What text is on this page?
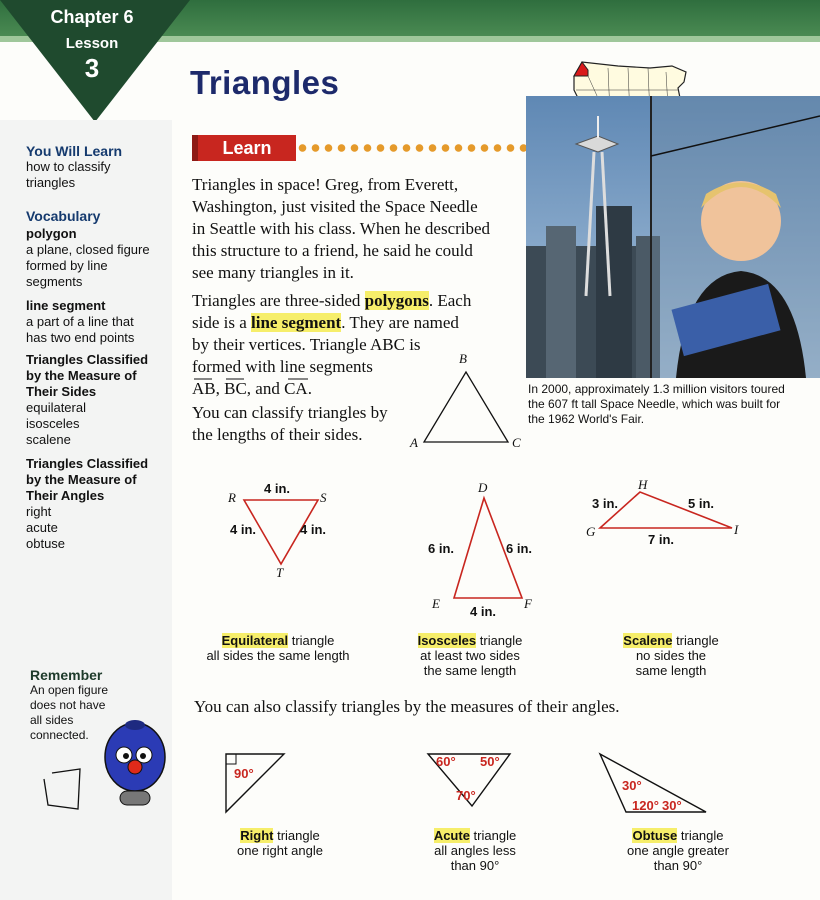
Chapter 6
Lesson
3	Triangles
You Will Learn
how to classify
triangles
Vocabulary
polygon
a plane, closed figure
formed by line
segments
line segment
a part of a line that
has two end points
Triangles Classified
by the Measure of
Their Sides
equilateral
isosceles
scalene
Triangles Classified
by the Measure of
Their Angles
right
acute
obtuse
Remember
An open figure
does not have
all sides
connected.
Learn
Triangles in space! Greg, from Everett,
Washington, just visited the Space Needle
in Seattle with his class. When he described
this structure to a friend, he said he could
see many triangles in it.
Triangles are three-sided polygons. Each
side is a line segment. They are named
by their vertices. Triangle ABC is
formed with line segments
AB, BC, and CA.
You can classify triangles by
the lengths of their sides.
B
A	C
In 2000, approximately 1.3 million visitors toured the 607 ft tall Space Needle, which was built for the 1962 World's Fair.
R	S
T
4 in.
4 in.	4 in.
Equilateral triangle
all sides the same length
D
E	F
6 in.	6 in.
4 in.
Isosceles triangle
at least two sides
the same length
H
G	I
3 in.	5 in.
7 in.
Scalene triangle
no sides the
same length
You can also classify triangles by the measures of their angles.
90°
Right triangle
one right angle
60° 50°
70°
Acute triangle
all angles less
than 90°
30°
120° 30°
Obtuse triangle
one angle greater
than 90°
